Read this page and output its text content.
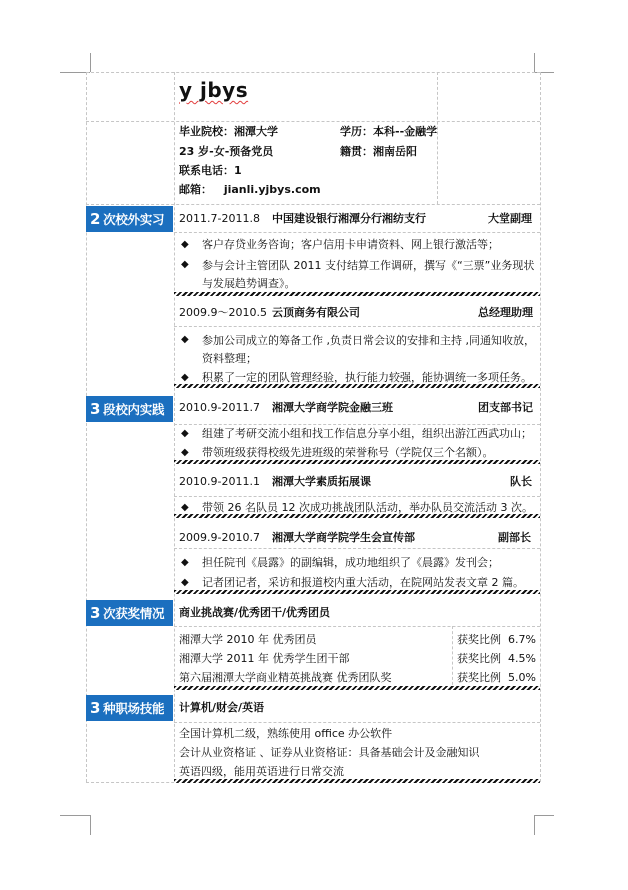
y jbys
毕业院校：湘潭大学	学历：本科--金融学
23 岁-女-预备党员	籍贯：湘南岳阳
联系电话：1
邮箱： jianli.yjbys.com
2 次校外实习 2011.7-2011.8 中国建设银行湘潭分行湘纺支行	大堂副理
◆ 客户存贷业务咨询；客户信用卡申请资料、网上银行激活等；
◆ 参与会计主管团队 2011 支付结算工作调研，撰写《“三票”业务现状与发展趋势调查》。
2009.9～2010.5 云顶商务有限公司	总经理助理
◆ 参加公司成立的筹备工作 ,负责日常会议的安排和主持 ,同通知收放，资料整理；
◆ 积累了一定的团队管理经验，执行能力较强，能协调统一多项任务。
3 段校内实践 2010.9-2011.7 湘潭大学商学院金融三班	团支部书记
◆ 组建了考研交流小组和找工作信息分享小组，组织出游江西武功山；
◆ 带领班级获得校级先进班级的荣誉称号（学院仅三个名额）。
2010.9-2011.1 湘潭大学素质拓展课	队长
◆ 带领 26 名队员 12 次成功挑战团队活动，举办队员交流活动 3 次。
2009.9-2010.7 湘潭大学商学院学生会宣传部	副部长
◆ 担任院刊《晨露》的副编辑，成功地组织了《晨露》发刊会；
◆ 记者团记者，采访和报道校内重大活动，在院网站发表文章 2 篇。
3 次获奖情况 商业挑战赛/优秀团干/优秀团员
湘潭大学 2010 年 优秀团员	获奖比例 6.7%
湘潭大学 2011 年 优秀学生团干部	获奖比例 4.5%
第六届湘潭大学商业精英挑战赛 优秀团队奖	获奖比例 5.0%
3 种职场技能 计算机/财会/英语
全国计算机二级，熟练使用 office 办公软件
会计从业资格证 、证券从业资格证：具备基础会计及金融知识
英语四级，能用英语进行日常交流
